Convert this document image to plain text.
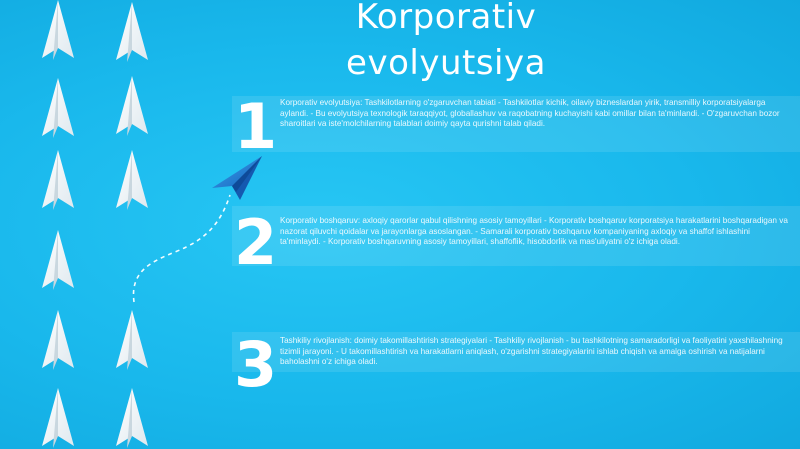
Korporativ
evolyutsiya
1 Korporativ evolyutsiya: Tashkilotlarning o'zgaruvchan tabiati - Tashkilotlar kichik, oilaviy bizneslardan yirik, transmilliy korporatsiyalarga aylandi. - Bu evolyutsiya texnologik taraqqiyot, globallashuv va raqobatning kuchayishi kabi omillar bilan ta'minlandi. - O'zgaruvchan bozor sharoitlari va iste'molchilarning talablari doimiy qayta qurishni talab qiladi.
2 Korporativ boshqaruv: axloqiy qarorlar qabul qilishning asosiy tamoyillari - Korporativ boshqaruv korporatsiya harakatlarini boshqaradigan va nazorat qiluvchi qoidalar va jarayonlarga asoslangan. - Samarali korporativ boshqaruv kompaniyaning axloqiy va shaffof ishlashini ta'minlaydi. - Korporativ boshqaruvning asosiy tamoyillari, shaffoflik, hisobdorlik va mas'uliyatni o'z ichiga oladi.
3 Tashkiliy rivojlanish: doimiy takomillashtirish strategiyalari - Tashkiliy rivojlanish - bu tashkilotning samaradorligi va faoliyatini yaxshilashning tizimli jarayoni. - U takomillashtirish va harakatlarni aniqlash, o'zgarishni strategiyalarini ishlab chiqish va amalga oshirish va natijalarni baholashni o'z ichiga oladi.
